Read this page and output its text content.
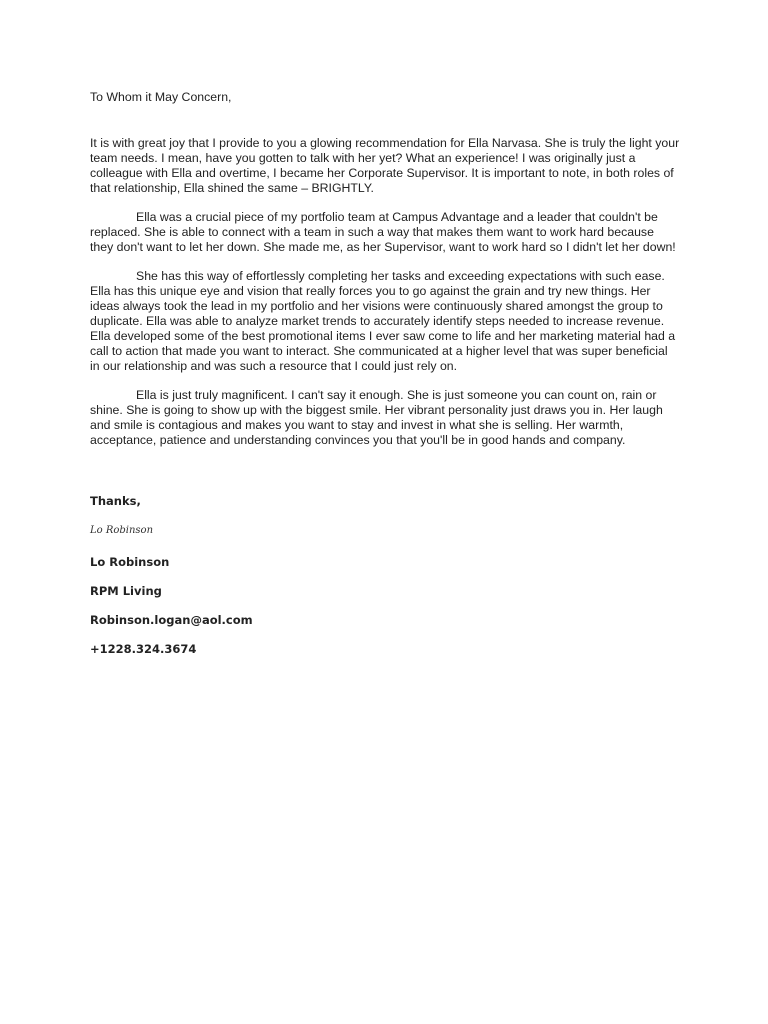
To Whom it May Concern,

It is with great joy that I provide to you a glowing recommendation for Ella Narvasa. She is truly the light your team needs. I mean, have you gotten to talk with her yet? What an experience! I was originally just a colleague with Ella and overtime, I became her Corporate Supervisor. It is important to note, in both roles of that relationship, Ella shined the same – BRIGHTLY.

Ella was a crucial piece of my portfolio team at Campus Advantage and a leader that couldn't be replaced. She is able to connect with a team in such a way that makes them want to work hard because they don't want to let her down. She made me, as her Supervisor, want to work hard so I didn't let her down!

She has this way of effortlessly completing her tasks and exceeding expectations with such ease. Ella has this unique eye and vision that really forces you to go against the grain and try new things. Her ideas always took the lead in my portfolio and her visions were continuously shared amongst the group to duplicate. Ella was able to analyze market trends to accurately identify steps needed to increase revenue. Ella developed some of the best promotional items I ever saw come to life and her marketing material had a call to action that made you want to interact. She communicated at a higher level that was super beneficial in our relationship and was such a resource that I could just rely on.

Ella is just truly magnificent. I can't say it enough. She is just someone you can count on, rain or shine. She is going to show up with the biggest smile. Her vibrant personality just draws you in. Her laugh and smile is contagious and makes you want to stay and invest in what she is selling. Her warmth, acceptance, patience and understanding convinces you that you'll be in good hands and company.

Thanks,
Lo Robinson
Lo Robinson
RPM Living
Robinson.logan@aol.com
+1228.324.3674
